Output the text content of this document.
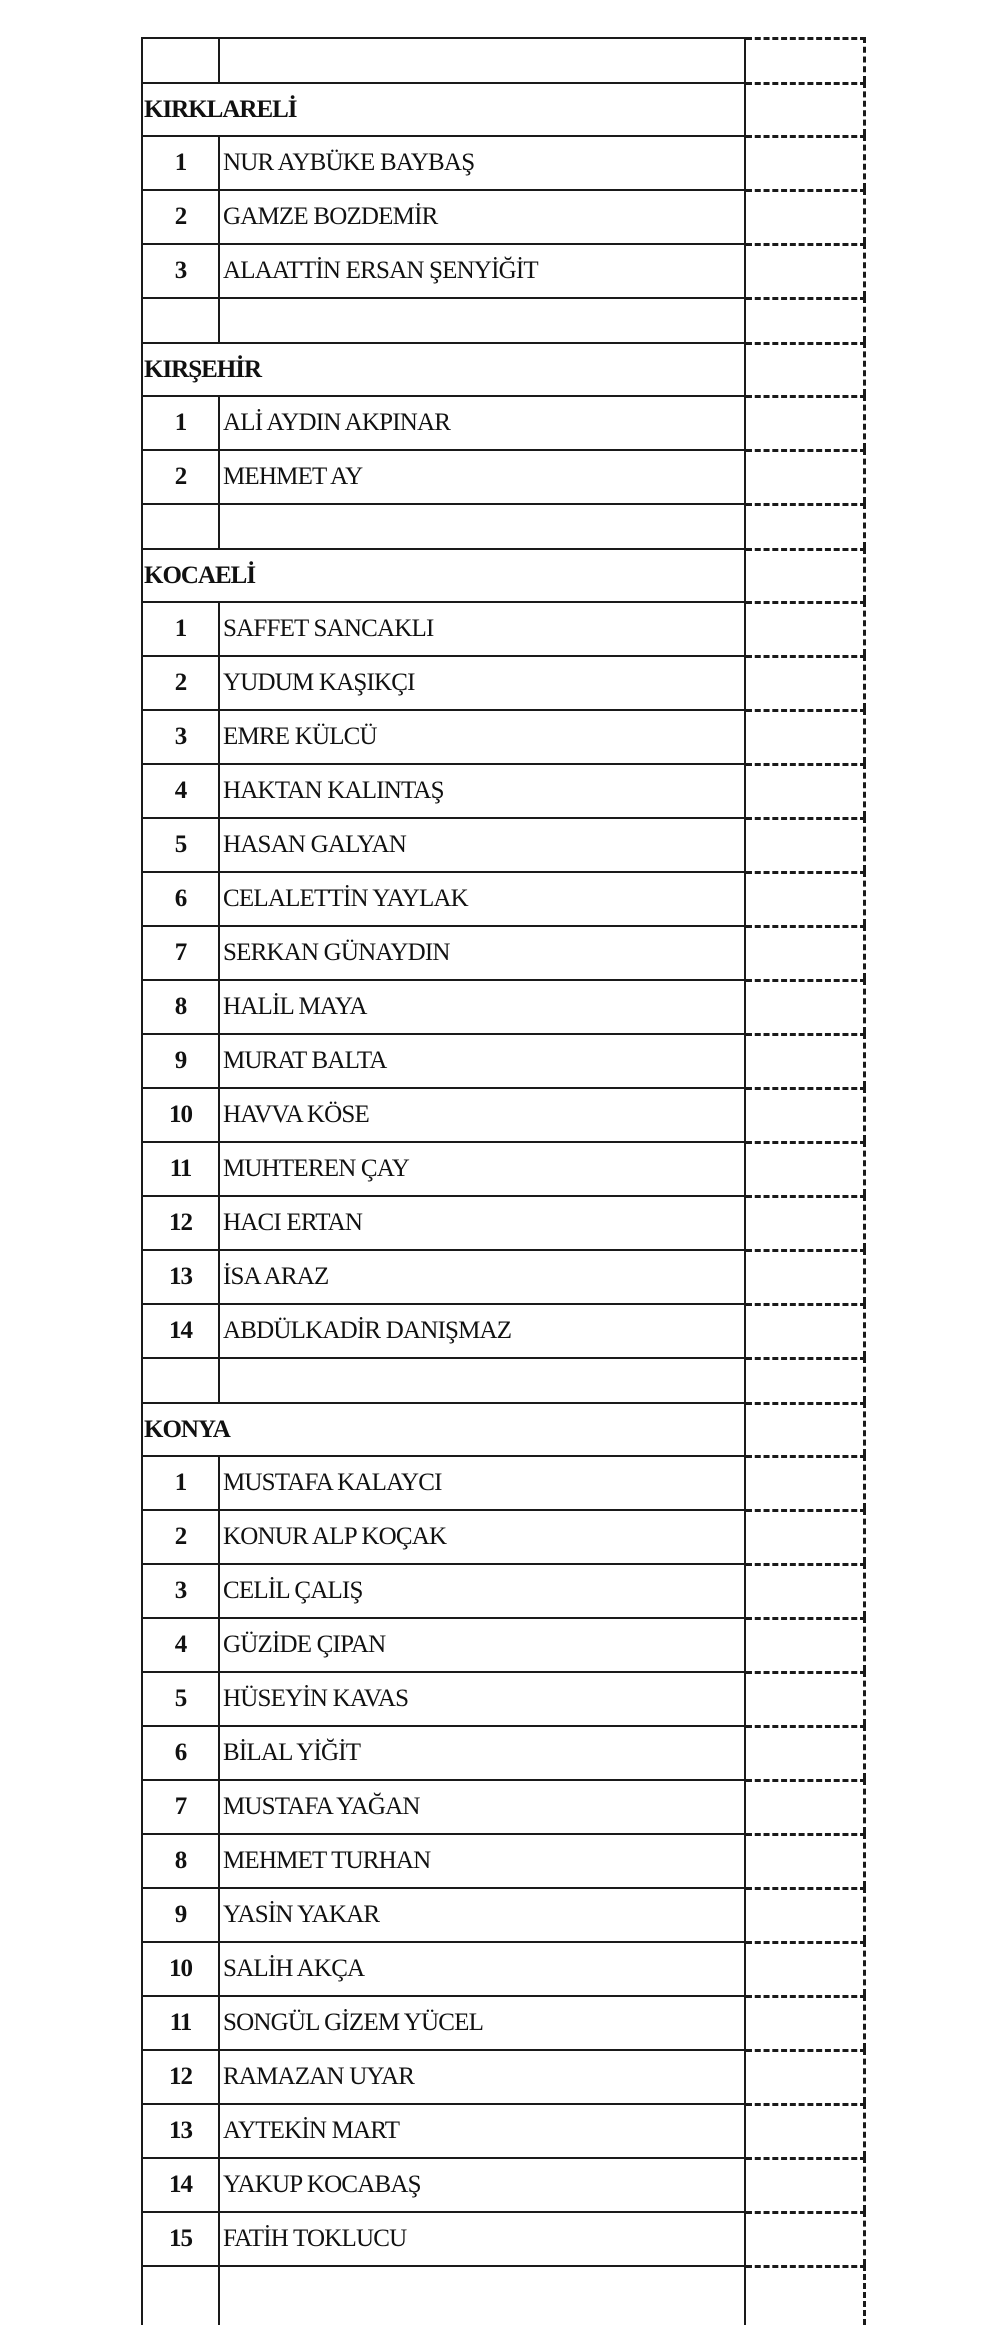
KIRKLARELİ
1	NUR AYBÜKE BAYBAŞ
2	GAMZE BOZDEMİR
3	ALAATTİN ERSAN ŞENYİĞİT
KIRŞEHİR
1	ALİ AYDIN AKPINAR
2	MEHMET AY
KOCAELİ
1	SAFFET SANCAKLI
2	YUDUM KAŞIKÇI
3	EMRE KÜLCÜ
4	HAKTAN KALINTAŞ
5	HASAN GALYAN
6	CELALETTİN YAYLAK
7	SERKAN GÜNAYDIN
8	HALİL MAYA
9	MURAT BALTA
10	HAVVA KÖSE
11	MUHTEREN ÇAY
12	HACI ERTAN
13	İSA ARAZ
14	ABDÜLKADİR DANIŞMAZ
KONYA
1	MUSTAFA KALAYCI
2	KONUR ALP KOÇAK
3	CELİL ÇALIŞ
4	GÜZİDE ÇIPAN
5	HÜSEYİN KAVAS
6	BİLAL YİĞİT
7	MUSTAFA YAĞAN
8	MEHMET TURHAN
9	YASİN YAKAR
10	SALİH AKÇA
11	SONGÜL GİZEM YÜCEL
12	RAMAZAN UYAR
13	AYTEKİN MART
14	YAKUP KOCABAŞ
15	FATİH TOKLUCU
